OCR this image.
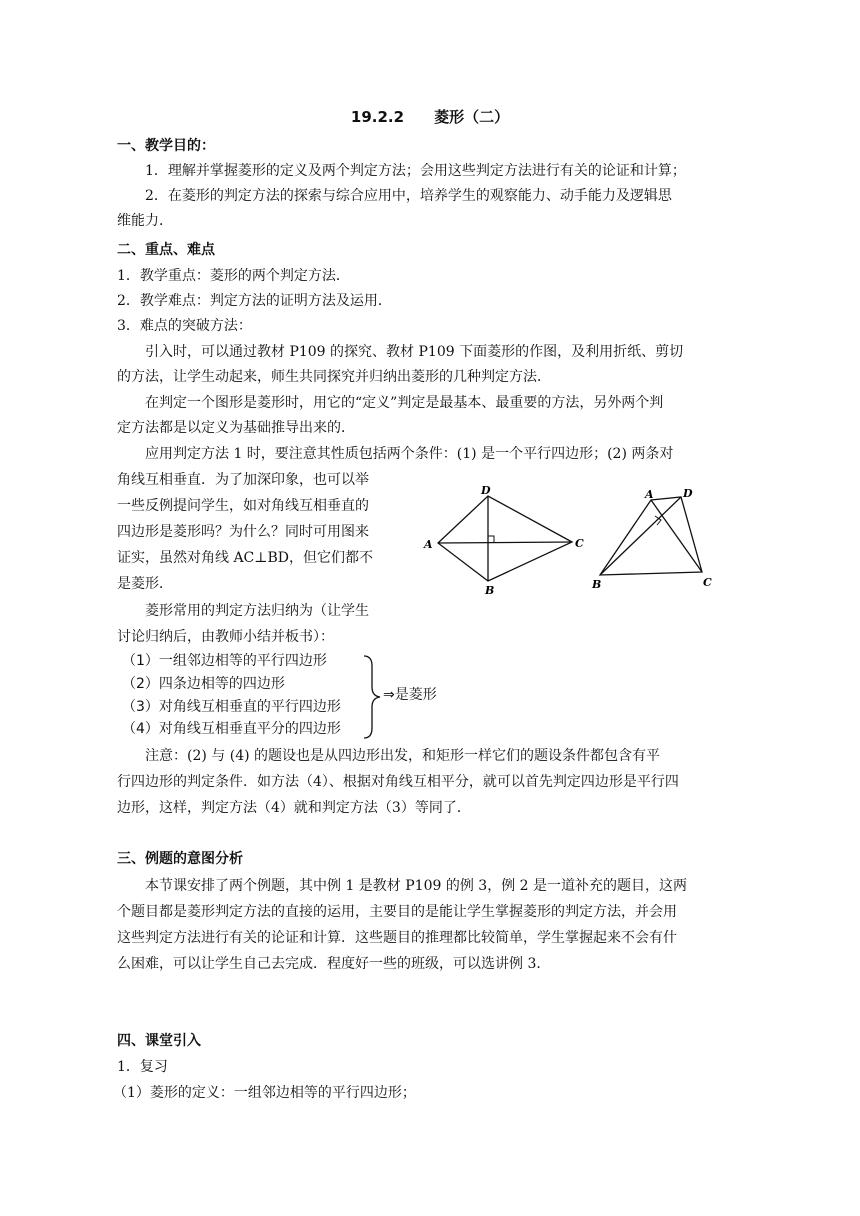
19.2.2　　菱形（二）
一、教学目的：
1．理解并掌握菱形的定义及两个判定方法；会用这些判定方法进行有关的论证和计算；
2．在菱形的判定方法的探索与综合应用中，培养学生的观察能力、动手能力及逻辑思
维能力．
二、重点、难点
1．教学重点：菱形的两个判定方法．
2．教学难点：判定方法的证明方法及运用．
3．难点的突破方法：
引入时，可以通过教材 P109 的探究、教材 P109 下面菱形的作图，及利用折纸、剪切
的方法，让学生动起来，师生共同探究并归纳出菱形的几种判定方法．
在判定一个图形是菱形时，用它的“定义”判定是最基本、最重要的方法，另外两个判
定方法都是以定义为基础推导出来的．
应用判定方法 1 时，要注意其性质包括两个条件：(1) 是一个平行四边形；(2) 两条对
角线互相垂直．为了加深印象，也可以举
一些反例提问学生，如对角线互相垂直的
四边形是菱形吗？为什么？同时可用图来
证实，虽然对角线 AC⊥BD，但它们都不
是菱形．
菱形常用的判定方法归纳为（让学生
讨论归纳后，由教师小结并板书）：
D
A	C
B
A	D
B	C
（1）一组邻边相等的平行四边形
（2）四条边相等的四边形
（3）对角线互相垂直的平行四边形
（4）对角线互相垂直平分的四边形
⇒是菱形
注意：(2) 与 (4) 的题设也是从四边形出发，和矩形一样它们的题设条件都包含有平
行四边形的判定条件．如方法（4）、根据对角线互相平分，就可以首先判定四边形是平行四
边形，这样，判定方法（4）就和判定方法（3）等同了．
三、例题的意图分析
本节课安排了两个例题，其中例 1 是教材 P109 的例 3，例 2 是一道补充的题目，这两
个题目都是菱形判定方法的直接的运用，主要目的是能让学生掌握菱形的判定方法，并会用
这些判定方法进行有关的论证和计算．这些题目的推理都比较简单，学生掌握起来不会有什
么困难，可以让学生自己去完成．程度好一些的班级，可以选讲例 3．
四、课堂引入
1．复习
（1）菱形的定义：一组邻边相等的平行四边形；
